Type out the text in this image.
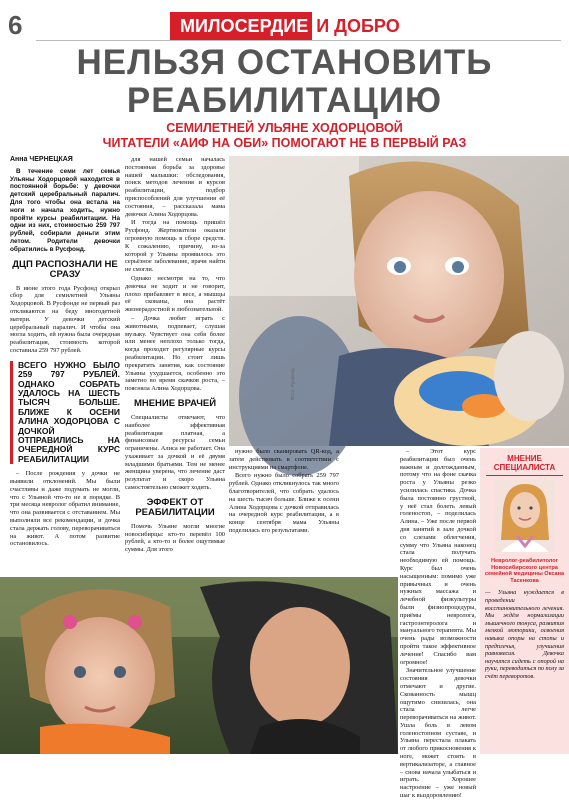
6	МИЛОСЕРДИЕ И ДОБРО
НЕЛЬЗЯ ОСТАНОВИТЬ
РЕАБИЛИТАЦИЮ
СЕМИЛЕТНЕЙ УЛЬЯНЕ ХОДОРЦОВОЙ
ЧИТАТЕЛИ «АИФ НА ОБИ» ПОМОГАЮТ НЕ В ПЕРВЫЙ РАЗ
Анна ЧЕРНЕЦКАЯ
В течение семи лет семья Ульяны Ходорцовой находится в постоянной борьбе: у девочки детский церебральный паралич. Для того чтобы она встала на ноги и начала ходить, нужно пройти курсы реабилитации. На одни из них, стоимостью 259 797 рублей, собирали деньги этим летом. Родители девочки обратились в Русфонд.
ДЦП РАСПОЗНАЛИ НЕ СРАЗУ

В июне этого года Русфонд открыл сбор для семилетней Ульяны Ходорцовой. В Русфонде не первый раз откликаются на беду многодетной матери. У девочки детский церебральный паралич. И чтобы она могла ходить, ей нужна была очередная реабилитация, стоимость которой составила 259 797 рублей.

ВСЕГО НУЖНО БЫЛО 259 797 РУБЛЕЙ. ОДНАКО СОБРАТЬ УДАЛОСЬ НА ШЕСТЬ ТЫСЯЧ БОЛЬШЕ. БЛИЖЕ К ОСЕНИ АЛИНА ХОДОРЦОВА С ДОЧКОЙ ОТПРАВИЛИСЬ НА ОЧЕРЕДНОЙ КУРС РЕАБИЛИТАЦИИ

– После рождения у дочки не выявили отклонений. Мы были счастливы и даже подумать не могли, что с Ульяной что-то не в порядке. В три месяца невролог обратил внимание, что она развивается с отставанием. Мы выполняли все рекомендации, и дочка стала держать голову, переворачиваться на живот. А потом развитие остановилось.

для нашей семьи началась постоянная борьба за здоровье нашей малышки: обследования, поиск методов лечения и курсов реабилитации, подбор приспособлений для улучшения её состояния, – рассказала мама девочки Алина Ходорцова.

И тогда на помощь пришёл Русфонд. Жертвователи оказали огромную помощь в сборе средств. К сожалению, причину, из-за которой у Ульяны проявилось это серьёзное заболевание, врачи найти не смогли.

Однако несмотря на то, что девочка не ходит и не говорит, плохо прибавляет в весе, а мышцы её скованы, она растёт жизнерадостной и любознательной.

– Дочка любит играть с животными, подпевает, слушая музыку. Чувствует она себя более или менее неплохо только тогда, когда проходит регулярные курсы реабилитации. Но стоит лишь прекратить занятия, как состояние Ульяны ухудшается, особенно это заметно во время скачков роста, – поясняла Алина Ходорцова.

МНЕНИЕ ВРАЧЕЙ

Специалисты отмечают, что наиболее эффективная реабилитация платная, а финансовые ресурсы семьи ограничены. Алиса не работает. Она ухаживает за дочкой и её двумя младшими братьями. Тем не менее женщина уверена, что лечение даст результат и скоро Ульяна самостоятельно сможет ходить.

ЭФФЕКТ ОТ РЕАБИЛИТАЦИИ

Помочь Ульяне могли многие новосибирцы: кто-то перевёл 100 рублей, а кто-то и более ощутимые суммы. Для этого

Фото: Русфонд

нужно было сканировать QR-код, а затем действовать в соответствии с инструкциями на смартфоне.

Всего нужно было собрать 259 797 рублей. Однако откликнулось так много благотворителей, что собрать удалось на шесть тысяч больше. Ближе к осени Алина Ходорцова с дочкой отправилась на очередной курс реабилитации, а в конце сентября мама Ульяны поделилась его результатами.

– Этот курс реабилитации был очень важным и долгожданным, потому что на фоне скачка роста у Ульяны резко усилилась спастика. Дочка была постоянно грустной, у неё стал болеть левый голеностоп, – поделилась Алина. – Уже после первой дня занятий в зале дочкой со слезами облегчения, сумму что Ульяна наконец стала получать необходимую ей помощь. Курс был очень насыщенным: помимо уже привычных и очень нужных массажа и лечебной физкультуры были физиопроцедуры, приёмы невролога, гастроэнтеролога и мануального терапевта. Мы очень рады возможности пройти такое эффективное лечение! Спасибо вам огромное!

Значительное улучшение состояния девочки отмечают и другие. Скованность мышц ощутимо снизилась, она стала легче переворачиваться на живот. Ушла боль в левом голеностопном суставе, и Ульяна перестала плакать от любого прикосновения к ноге, может стоять в вертикализаторе, а главное – снова начала улыбаться и играть. Хорошее настроение – уже новый шаг к выздоровлению!

МНЕНИЕ
СПЕЦИАЛИСТА
Невролог-реабилитолог Новосибирского центра семейной медицины Оксана Тасенкова
— Ульяна нуждается в проведении восстановительного лечения. Мы ждём нормализации мышечного тонуса, развития мелкой моторики, освоения навыка опоры на стопы и предплечья, улучшения равновесия. Девочка научится сидеть с опорой на руки, переводиться по полу за счёт переворотов.
